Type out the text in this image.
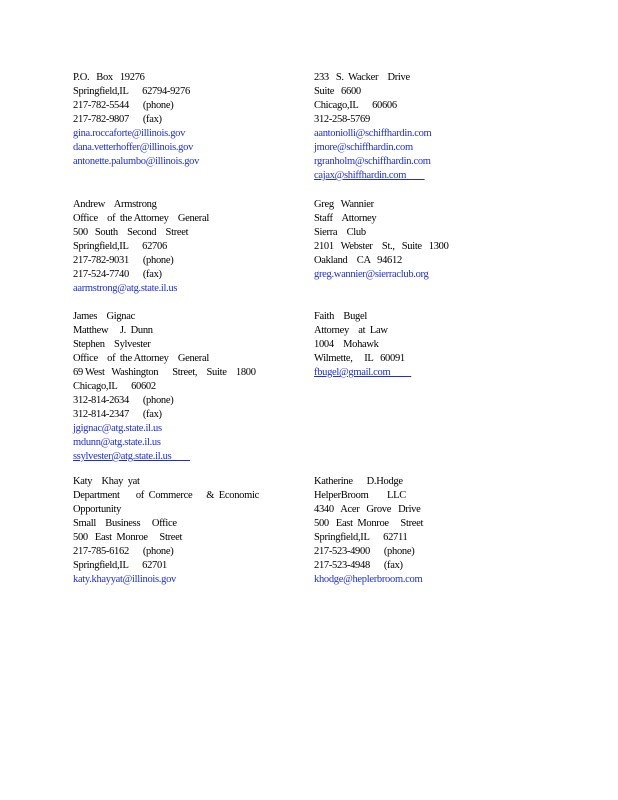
P.O.   Box   19276
Springfield,IL      62794-9276
217-782-5544      (phone)
217-782-9807      (fax)
gina.roccaforte@illinois.gov
dana.vetterhoffer@illinois.gov
antonette.palumbo@illinois.gov
233   S.  Wacker    Drive
Suite   6600
Chicago,IL      60606
312-258-5769
aantoniolli@schiffhardin.com
jmore@schiffhardin.com
rgranholm@schiffhardin.com
cajax@shiffhardin.com
Andrew    Armstrong
Office    of  the Attorney    General
500   South    Second    Street
Springfield,IL      62706
217-782-9031      (phone)
217-524-7740      (fax)
aarmstrong@atg.state.il.us
Greg   Wannier
Staff    Attorney
Sierra    Club
2101   Webster    St.,   Suite   1300
Oakland    CA   94612
greg.wannier@sierraclub.org
James    Gignac
Matthew     J.  Dunn
Stephen    Sylvester
Office    of  the Attorney    General
69 West   Washington      Street,    Suite    1800
Chicago,IL      60602
312-814-2634      (phone)
312-814-2347      (fax)
jgignac@atg.state.il.us
mdunn@atg.state.il.us
ssylvester@atg.state.il.us
Faith    Bugel
Attorney    at  Law
1004    Mohawk
Wilmette,     IL   60091
fbugel@gmail.com
Katy    Khay  yat
Department       of  Commerce      &  Economic
Opportunity
Small    Business     Office
500   East  Monroe     Street
217-785-6162      (phone)
Springfield,IL      62701
katy.khayyat@illinois.gov
Katherine      D.Hodge
HelperBroom        LLC
4340   Acer   Grove   Drive
500   East  Monroe     Street
Springfield,IL      62711
217-523-4900      (phone)
217-523-4948      (fax)
khodge@heplerbroom.com
